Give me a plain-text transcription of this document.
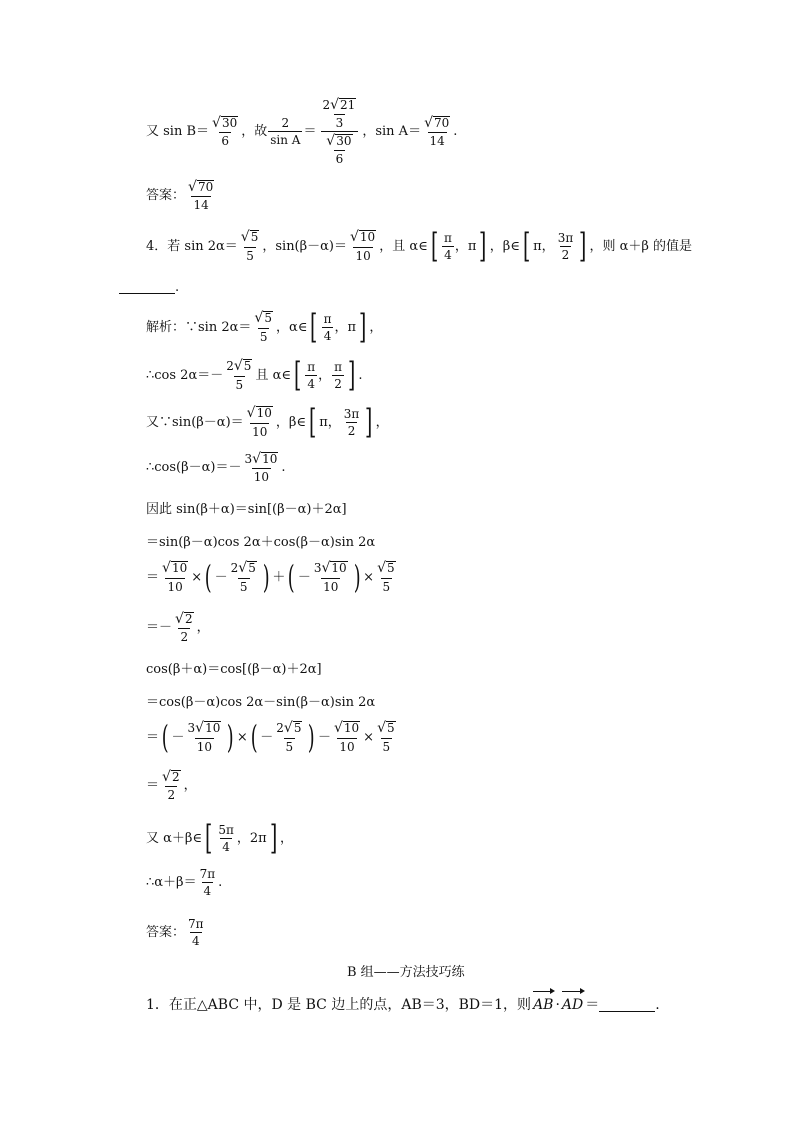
又 $\sin B= \frac{√ 30}{6}$ ，故 $\frac{2}{\text{sin A}} = \frac{\frac{2 √ 21}{3}}{\frac{√ 30}{6}}$ ， $\sin A= \frac{√ 70}{14}$ .
答案： $\frac{√ 70}{14}$
4．若 $\sin 2\alpha= \frac{√ 5}{5}$ ，$\sin(\beta-\alpha)= \frac{√ 10}{10}$ ，且 α∈ [ $\frac{\pi}{4}$ ， π ] ，β∈ [ π， $\frac{3\pi}{2}$ ] ，则 α＋β 的值是
.
解析：∵sin $2\alpha= \frac{√ 5}{5}$ ，α∈ [ $\frac{\pi}{4}$ ，π ] ，
∴cos $2\alpha=- \frac{2 √ 5}{5}$ 且 α∈ [ $\frac{\pi}{4}$ ， $\frac{\pi}{2}$ ] .
又∵sin(β－α)＝ $\frac{√ 10}{10}$ ，β∈ [ π， $\frac{3\pi}{2}$ ] ，
∴cos(β－α)＝－ $\frac{3 √ 10}{10}$ .
因此 sin(β＋α)＝sin[(β－α)＋2α]
＝sin(β－α)cos 2α＋cos(β－α)sin 2α
＝ $\frac{√ 10}{10}$ × ( － $\frac{2 √ 5}{5}$ ) ＋ ( － $\frac{3 √ 10}{10}$ ) × $\frac{√ 5}{5}$
＝－ $\frac{√ 2}{2}$ ，
cos(β＋α)＝cos[(β－α)＋2α]
＝cos(β－α)cos 2α－sin(β－α)sin 2α
＝ ( － $\frac{3 √ 10}{10}$ ) × ( － $\frac{2 √ 5}{5}$ ) － $\frac{√ 10}{10} \times \frac{√ 5}{5}$
＝ $\frac{√ 2}{2}$ ，
又 α＋β∈ [ $\frac{5\pi}{4}$ ，2π ] ，
∴α＋β＝ $\frac{7\pi}{4}$ .
答案： $\frac{7\pi}{4}$
B 组——方法技巧练
1．在正△ABC 中，D 是 BC 边上的点，AB＝3，BD＝1，则 AB · AD ＝	.
